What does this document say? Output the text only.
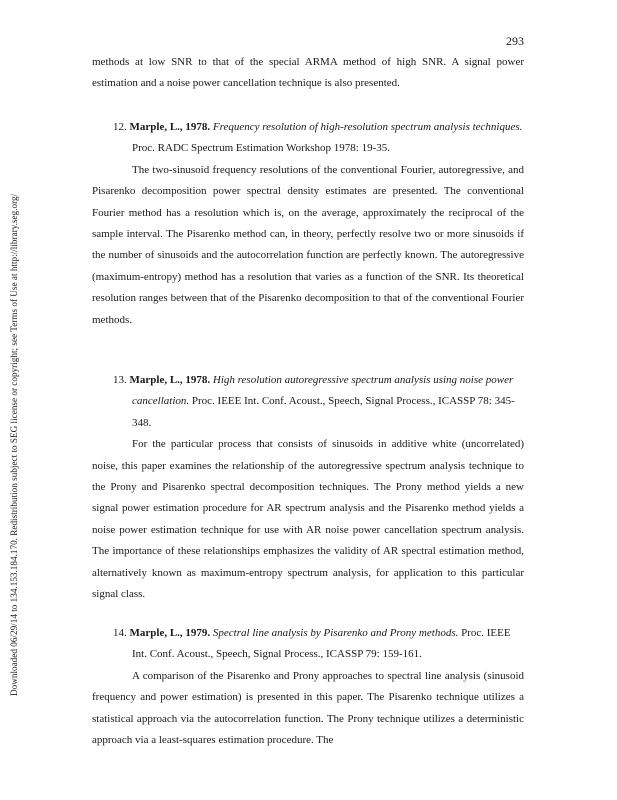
293

Downloaded 06/29/14 to 134.153.184.170. Redistribution subject to SEG license or copyright; see Terms of Use at http://library.seg.org/

methods at low SNR to that of the special ARMA method of high SNR. A signal power estimation and a noise power cancellation technique is also presented.

12. Marple, L., 1978. Frequency resolution of high-resolution spectrum analysis techniques. Proc. RADC Spectrum Estimation Workshop 1978: 19-35.

The two-sinusoid frequency resolutions of the conventional Fourier, autoregressive, and Pisarenko decomposition power spectral density estimates are presented. The conventional Fourier method has a resolution which is, on the average, approximately the reciprocal of the sample interval. The Pisarenko method can, in theory, perfectly resolve two or more sinusoids if the number of sinusoids and the autocorrelation function are perfectly known. The autoregressive (maximum-entropy) method has a resolution that varies as a function of the SNR. Its theoretical resolution ranges between that of the Pisarenko decomposition to that of the conventional Fourier methods.

13. Marple, L., 1978. High resolution autoregressive spectrum analysis using noise power cancellation. Proc. IEEE Int. Conf. Acoust., Speech, Signal Process., ICASSP 78: 345-348.

For the particular process that consists of sinusoids in additive white (uncorrelated) noise, this paper examines the relationship of the autoregressive spectrum analysis technique to the Prony and Pisarenko spectral decomposition techniques. The Prony method yields a new signal power estimation procedure for AR spectrum analysis and the Pisarenko method yields a noise power estimation technique for use with AR noise power cancellation spectrum analysis. The importance of these relationships emphasizes the validity of AR spectral estimation method, alternatively known as maximum-entropy spectrum analysis, for application to this particular signal class.

14. Marple, L., 1979. Spectral line analysis by Pisarenko and Prony methods. Proc. IEEE Int. Conf. Acoust., Speech, Signal Process., ICASSP 79: 159-161.

A comparison of the Pisarenko and Prony approaches to spectral line analysis (sinusoid frequency and power estimation) is presented in this paper. The Pisarenko technique utilizes a statistical approach via the autocorrelation function. The Prony technique utilizes a deterministic approach via a least-squares estimation procedure. The
